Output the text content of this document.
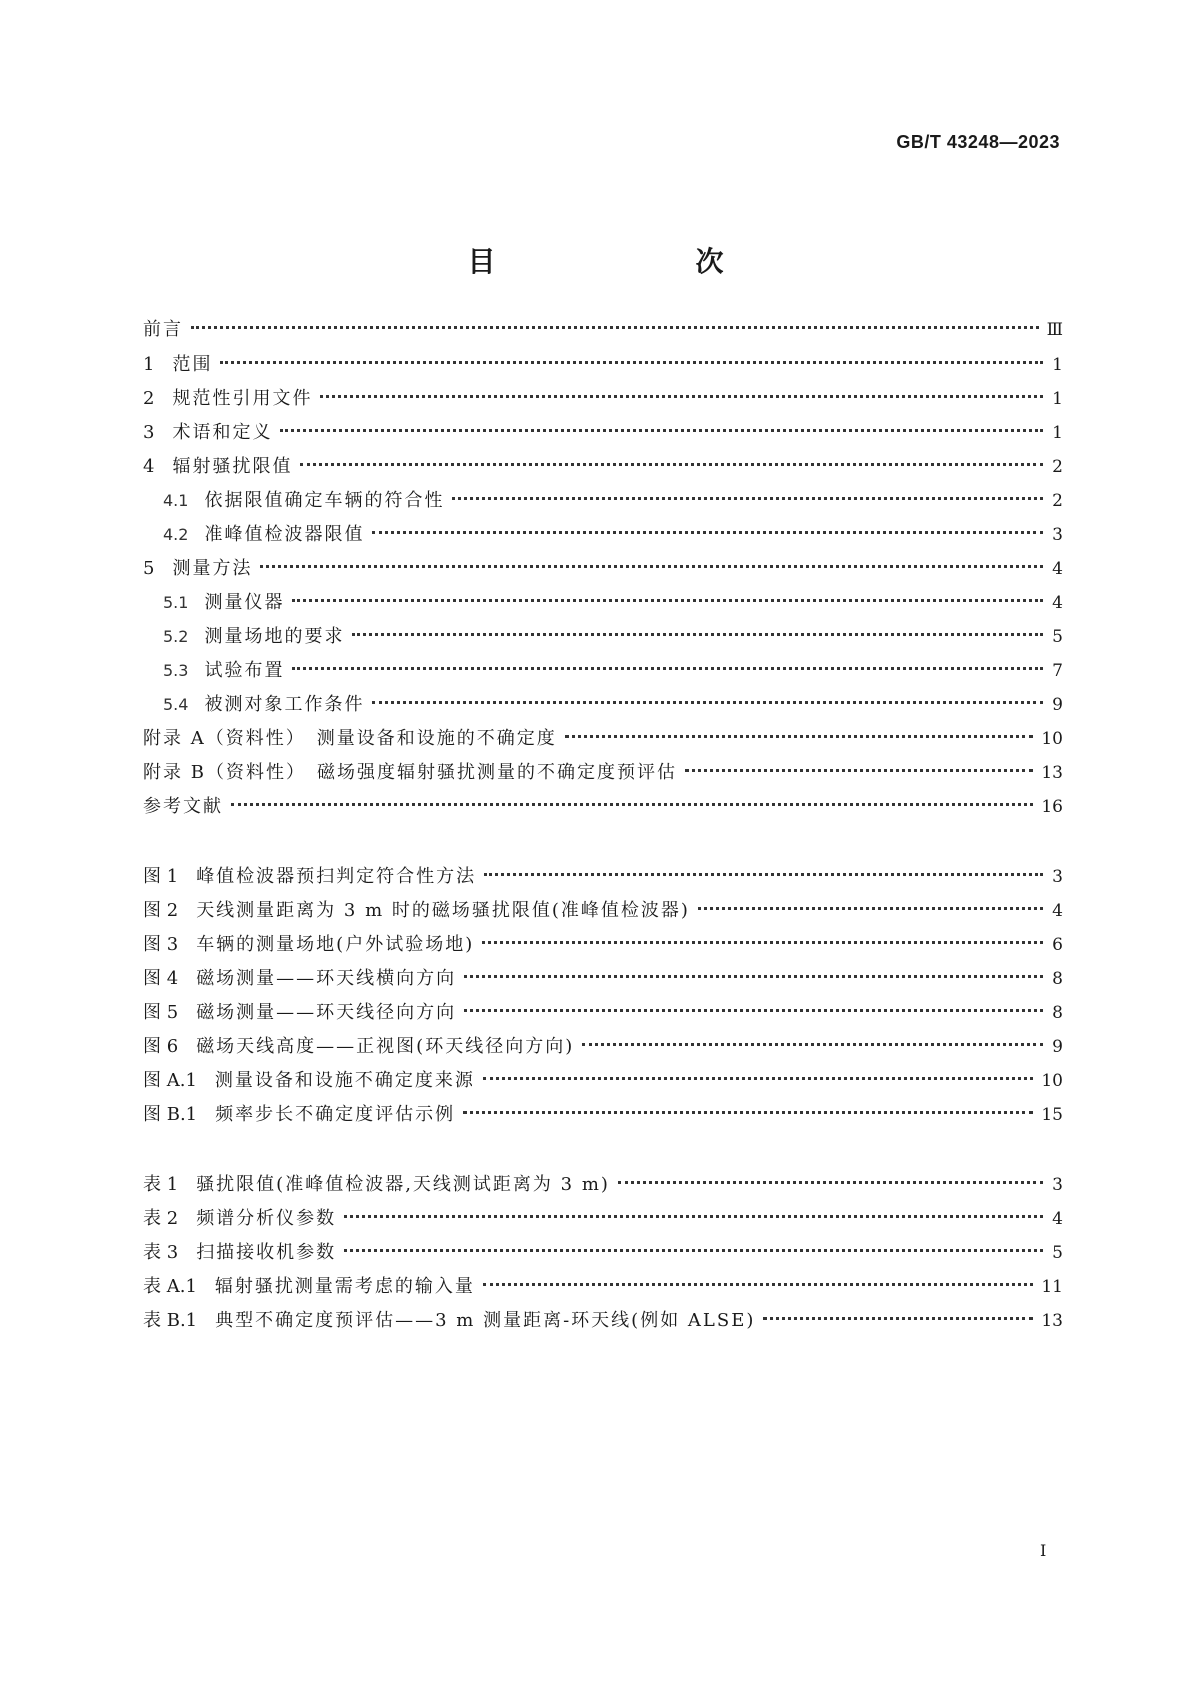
GB/T 43248—2023
目　　次
前言	Ⅲ
1　 范围	1
2　 规范性引用文件	1
3　 术语和定义	1
4　 辐射骚扰限值	2
4.1　 依据限值确定车辆的符合性	2
4.2　 准峰值检波器限值	3
5　 测量方法	4
5.1　 测量仪器	4
5.2　 测量场地的要求	5
5.3　 试验布置	7
5.4　 被测对象工作条件	9
附录 A（资料性）　测量设备和设施的不确定度	10
附录 B（资料性）　磁场强度辐射骚扰测量的不确定度预评估	13
参考文献	16
图 1　 峰值检波器预扫判定符合性方法	3
图 2　 天线测量距离为 3 m 时的磁场骚扰限值(准峰值检波器)	4
图 3　 车辆的测量场地(户外试验场地)	6
图 4　 磁场测量——环天线横向方向	8
图 5　 磁场测量——环天线径向方向	8
图 6　 磁场天线高度——正视图(环天线径向方向)	9
图 A.1　 测量设备和设施不确定度来源	10
图 B.1　 频率步长不确定度评估示例	15
表 1　 骚扰限值(准峰值检波器,天线测试距离为 3 m)	3
表 2　 频谱分析仪参数	4
表 3　 扫描接收机参数	5
表 A.1　 辐射骚扰测量需考虑的输入量	11
表 B.1　 典型不确定度预评估——3 m 测量距离-环天线(例如 ALSE)	13
Ⅰ
